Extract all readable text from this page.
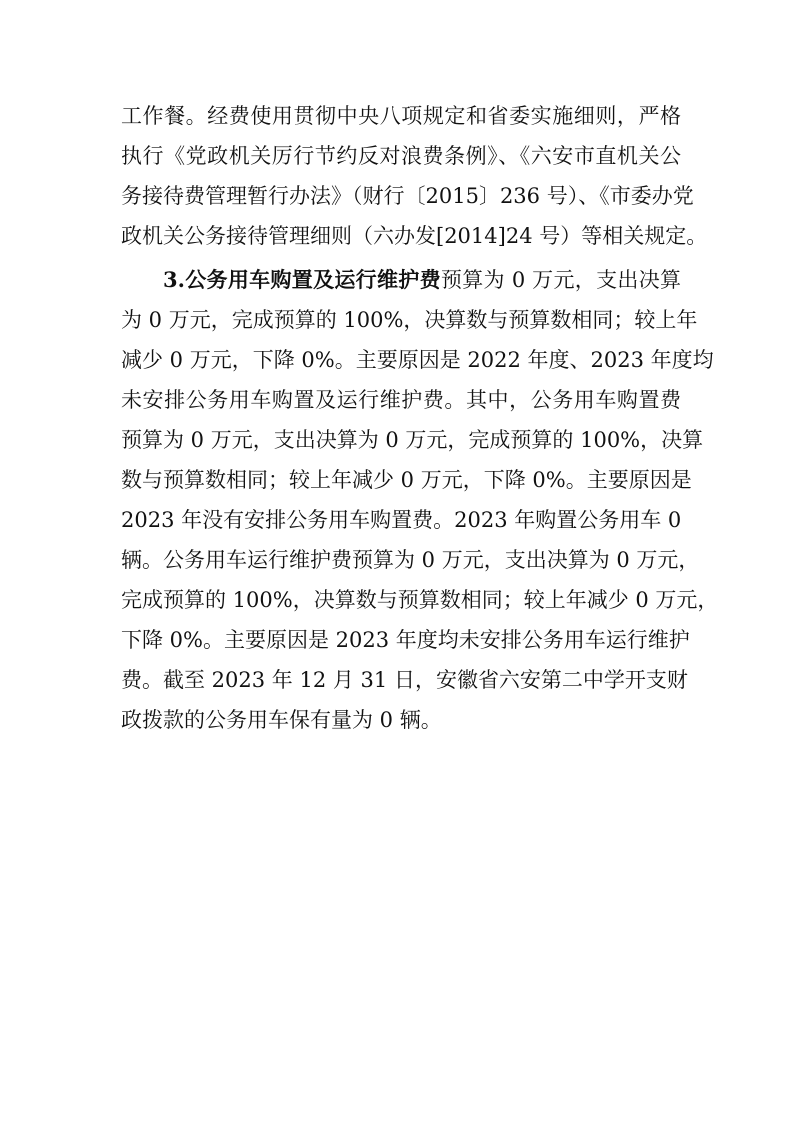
工作餐。经费使用贯彻中央八项规定和省委实施细则，严格
执行《党政机关厉行节约反对浪费条例》、《六安市直机关公
务接待费管理暂行办法》（财行〔2015〕236 号）、《市委办党
政机关公务接待管理细则（六办发[2014]24 号）等相关规定。
3.公务用车购置及运行维护费预算为 0 万元，支出决算
为 0 万元，完成预算的 100%，决算数与预算数相同；较上年
减少 0 万元，下降 0%。主要原因是 2022 年度、2023 年度均
未安排公务用车购置及运行维护费。其中，公务用车购置费
预算为 0 万元，支出决算为 0 万元，完成预算的 100%，决算
数与预算数相同；较上年减少 0 万元，下降 0%。主要原因是
2023 年没有安排公务用车购置费。2023 年购置公务用车 0
辆。公务用车运行维护费预算为 0 万元，支出决算为 0 万元，
完成预算的 100%，决算数与预算数相同；较上年减少 0 万元，
下降 0%。主要原因是 2023 年度均未安排公务用车运行维护
费。截至 2023 年 12 月 31 日，安徽省六安第二中学开支财
政拨款的公务用车保有量为 0 辆。
